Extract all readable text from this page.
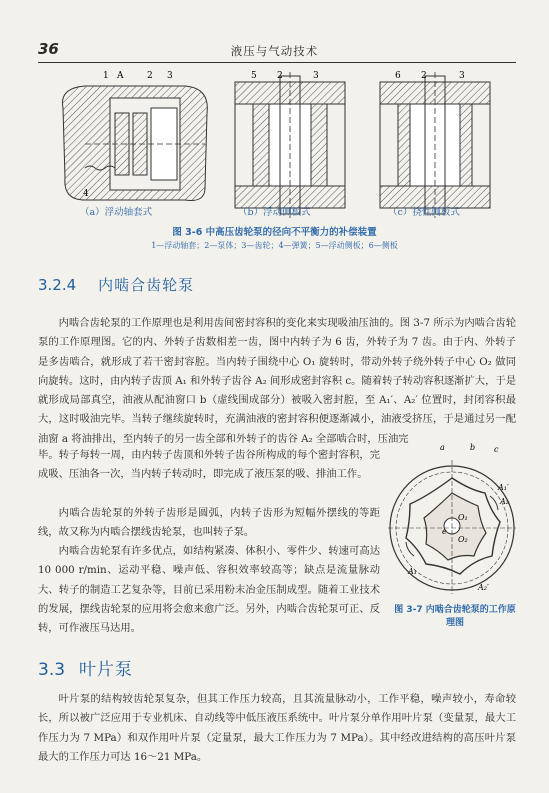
36	液压与气动技术
1 A	2 3
4
5 2	3	6 2	3
（a）浮动轴套式	（b）浮动侧板式	（c）挠性侧板式
图 3-6 中高压齿轮泵的径向不平衡力的补偿装置
1—浮动轴套；2—泵体；3—齿轮；4—弹簧；5—浮动侧板；6—侧板
3.2.4 内啮合齿轮泵
内啮合齿轮泵的工作原理也是利用齿间密封容积的变化来实现吸油压油的。图 3-7 所示为内啮合齿轮泵的工作原理图。它的内、外转子齿数相差一齿，图中内转子为 6 齿，外转子为 7 齿。由于内、外转子是多齿啮合，就形成了若干密封容腔。当内转子围绕中心 O₁ 旋转时，带动外转子绕外转子中心 O₂ 做同向旋转。这时，由内转子齿顶 A₁ 和外转子齿谷 A₂ 间形成密封容积 c。随着转子转动容积逐渐扩大，于是就形成局部真空，油液从配油窗口 b（虚线围成部分）被吸入密封腔，至 A₁′、A₂′ 位置时，封闭容积最大，这时吸油完毕。当转子继续旋转时，充满油液的密封容积便逐渐减小，油液受挤压，于是通过另一配油窗 a 将油排出，至内转子的另一齿全部和外转子的齿谷 A₂ 全部啮合时，压油完
毕。转子每转一周，由内转子齿顶和外转子齿谷所构成的每个密封容积，完成吸、压油各一次，当内转子转动时，即完成了液压泵的吸、排油工作。
内啮合齿轮泵的外转子齿形是圆弧，内转子齿形为短幅外摆线的等距线，故又称为内啮合摆线齿轮泵，也叫转子泵。
内啮合齿轮泵有许多优点，如结构紧凑、体积小、零件少、转速可高达 10 000 r/min、运动平稳、噪声低、容积效率较高等；缺点是流量脉动大、转子的制造工艺复杂等，目前已采用粉末冶金压制成型。随着工业技术的发展，摆线齿轮泵的应用将会愈来愈广泛。另外，内啮合齿轮泵可正、反转，可作液压马达用。
a	b c
A₁
A₁′
A₂
A₂′
O₁
O₂
e
图 3-7 内啮合齿轮泵的工作原理图
3.3 叶片泵
叶片泵的结构较齿轮泵复杂，但其工作压力较高，且其流量脉动小，工作平稳，噪声较小，寿命较长，所以被广泛应用于专业机床、自动线等中低压液压系统中。叶片泵分单作用叶片泵（变量泵，最大工作压力为 7 MPa）和双作用叶片泵（定量泵，最大工作压力为 7 MPa）。其中经改进结构的高压叶片泵最大的工作压力可达 16～21 MPa。
